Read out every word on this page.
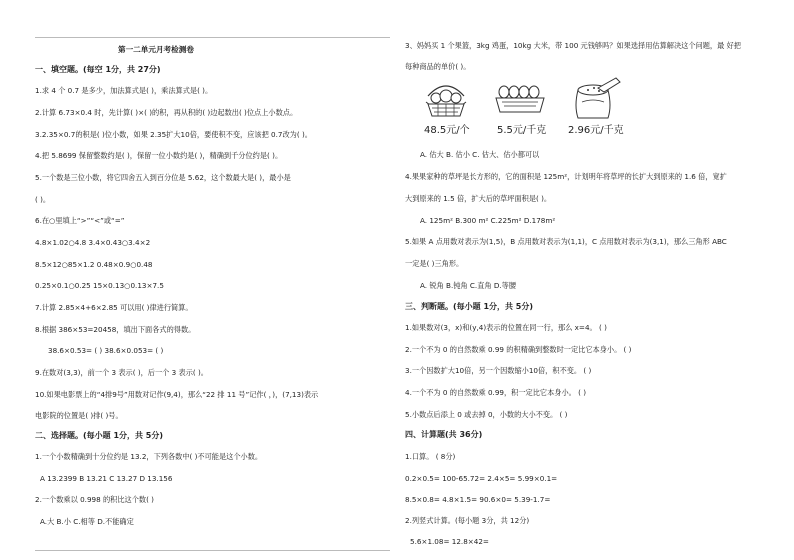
第一二单元月考检测卷
一、填空题。(每空 1分，共 27分)
1.求 4 个 0.7 是多少，加法算式是( )，乘法算式是( )。
2.计算 6.73×0.4 时，先计算( )×( )的积，再从积的( )边起数出( )位点上小数点。
3.2.35×0.7的积是( )位小数，如果 2.35扩大10倍，要使积不变，应该把 0.7改为( )。
4.把 5.8699 保留整数约是( )，保留一位小数约是( )，精确到千分位约是( )。
5.一个数是三位小数，将它四舍五入到百分位是 5.62，这个数最大是( )，最小是
( )。
6.在○里填上“>”“<”或“=”
4.8×1.02○4.8 3.4×0.43○3.4×2
8.5×12○85×1.2 0.48×0.9○0.48
0.25×0.1○0.25 15×0.13○0.13×7.5
7.计算 2.85×4+6×2.85 可以用( )律进行简算。
8.根据 386×53=20458，填出下面各式的得数。
38.6×0.53= ( ) 38.6×0.053= ( )
9.在数对(3,3)，前一个 3 表示( )，后一个 3 表示( )。
10.如果电影票上的“4排9号”用数对记作(9,4)，那么“22 排 11 号”记作( ，)，(7,13)表示
电影院的位置是( )排( )号。
二、选择题。(每小题 1分，共 5分)
1.一个小数精确到十分位约是 13.2，下列各数中( )不可能是这个小数。
A 13.2399 B 13.21 C 13.27 D 13.156
2.一个数乘以 0.998 的积比这个数( )
A.大 B.小 C.相等 D.不能确定
3、妈妈买 1 个果篮，3kg 鸡蛋，10kg 大米，带 100 元钱够吗？如果选择用估算解决这个问题，最 好把
每种商品的单价( )。
48.5元/个	5.5元/千克 2.96元/千克
A. 估大 B. 估小 C. 估大、估小都可以
4.果果家种的草坪是长方形的，它的面积是 125m²，计划明年将草坪的长扩大到原来的 1.6 倍，宽扩
大到原来的 1.5 倍，扩大后的草坪面积是( )。
A. 125m² B.300 m² C.225m² D.178m²
5.如果 A 点用数对表示为(1,5)，B 点用数对表示为(1,1)，C 点用数对表示为(3,1)，那么三角形 ABC
一定是( )三角形。
A. 锐角 B.钝角 C.直角 D.等腰
三、判断题。(每小题 1分，共 5分)
1.如果数对(3，x)和(y,4)表示的位置在同一行，那么 x=4。 ( )
2.一个不为 0 的自然数乘 0.99 的积精确到整数时一定比它本身小。 ( )
3.一个因数扩大10倍，另一个因数缩小10倍，积不变。 ( )
4.一个不为 0 的自然数乘 0.99，积一定比它本身小。 ( )
5.小数点后添上 0 或去掉 0，小数的大小不变。 ( )
四、计算题(共 36分)
1.口算。 ( 8分)
0.2×0.5= 100-65.72= 2.4×5= 5.99×0.1=
8.5×0.8= 4.8×1.5= 90.6×0= 5.39-1.7=
2.列竖式计算。(每小题 3分，共 12分)
5.6×1.08= 12.8×42=
